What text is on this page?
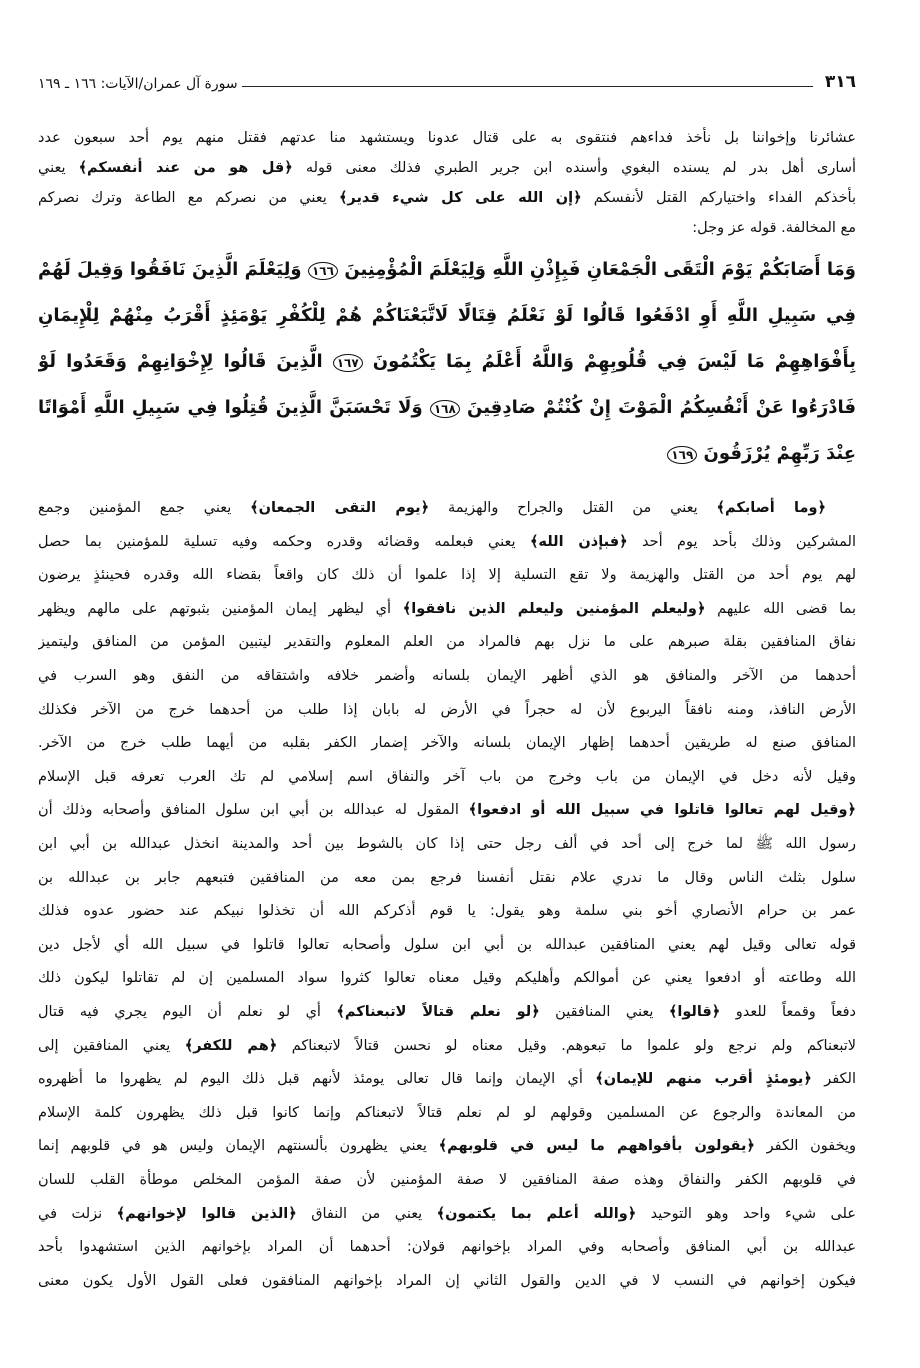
٣١٦
سورة آل عمران/الآيات: ١٦٦ ـ ١٦٩
عشائرنا وإخواننا بل نأخذ فداءهم فنتقوى به على قتال عدونا ويستشهد منا عدتهم فقتل منهم يوم أحد سبعون عدد
أسارى أهل بدر لم يسنده البغوي وأسنده ابن جرير الطبري فذلك معنى قوله ﴿قل هو من عند أنفسكم﴾ يعني
بأخذكم الفداء واختياركم القتل لأنفسكم ﴿إن الله على كل شيء قدير﴾ يعني من نصركم مع الطاعة وترك نصركم
مع المخالفة. قوله عز وجل:
وَمَا أَصَابَكُمْ يَوْمَ الْتَقَى الْجَمْعَانِ فَبِإِذْنِ اللَّهِ وَلِيَعْلَمَ الْمُؤْمِنِينَ ١٦٦ وَلِيَعْلَمَ الَّذِينَ نَافَقُوا وَقِيلَ لَهُمْ
فِي سَبِيلِ اللَّهِ أَوِ ادْفَعُوا قَالُوا لَوْ نَعْلَمُ قِتَالًا لَاتَّبَعْنَاكُمْ هُمْ لِلْكُفْرِ يَوْمَئِذٍ أَقْرَبُ مِنْهُمْ لِلْإِيمَانِ
بِأَفْوَاهِهِمْ مَا لَيْسَ فِي قُلُوبِهِمْ وَاللَّهُ أَعْلَمُ بِمَا يَكْتُمُونَ ١٦٧ الَّذِينَ قَالُوا لِإِخْوَانِهِمْ وَقَعَدُوا لَوْ
فَادْرَءُوا عَنْ أَنْفُسِكُمُ الْمَوْتَ إِنْ كُنْتُمْ صَادِقِينَ ١٦٨ وَلَا تَحْسَبَنَّ الَّذِينَ قُتِلُوا فِي سَبِيلِ اللَّهِ أَمْوَاتًا
عِنْدَ رَبِّهِمْ يُرْزَقُونَ ١٦٩
﴿وما أصابكم﴾ يعني من القتل والجراح والهزيمة ﴿يوم التقى الجمعان﴾ يعني جمع المؤمنين وجمع
المشركين وذلك بأحد يوم أحد ﴿فبإذن الله﴾ يعني فبعلمه وقضائه وقدره وحكمه وفيه تسلية للمؤمنين بما حصل
لهم يوم أحد من القتل والهزيمة ولا تقع التسلية إلا إذا علموا أن ذلك كان واقعاً بقضاء الله وقدره فحينئذٍ يرضون
بما قضى الله عليهم ﴿وليعلم المؤمنين وليعلم الذين نافقوا﴾ أي ليظهر إيمان المؤمنين بثبوتهم على مالهم ويظهر
نفاق المنافقين بقلة صبرهم على ما نزل بهم فالمراد من العلم المعلوم والتقدير ليتبين المؤمن من المنافق وليتميز
أحدهما من الآخر والمنافق هو الذي أظهر الإيمان بلسانه وأضمر خلافه واشتقاقه من النفق وهو السرب في
الأرض النافذ، ومنه نافقاً اليربوع لأن له حجراً في الأرض له بابان إذا طلب من أحدهما خرج من الآخر فكذلك
المنافق صنع له طريقين أحدهما إظهار الإيمان بلسانه والآخر إضمار الكفر بقلبه من أيهما طلب خرج من الآخر.
وقيل لأنه دخل في الإيمان من باب وخرج من باب آخر والنفاق اسم إسلامي لم تك العرب تعرفه قبل الإسلام
﴿وقيل لهم تعالوا قاتلوا في سبيل الله أو ادفعوا﴾ المقول له عبدالله بن أبي ابن سلول المنافق وأصحابه وذلك أن
رسول الله ﷺ لما خرج إلى أحد في ألف رجل حتى إذا كان بالشوط بين أحد والمدينة انخذل عبدالله بن أبي ابن
سلول بثلث الناس وقال ما ندري علام نقتل أنفسنا فرجع بمن معه من المنافقين فتبعهم جابر بن عبدالله بن
عمر بن حرام الأنصاري أخو بني سلمة وهو يقول: يا قوم أذكركم الله أن تخذلوا نبيكم عند حضور عدوه فذلك
قوله تعالى وقيل لهم يعني المنافقين عبدالله بن أبي ابن سلول وأصحابه تعالوا قاتلوا في سبيل الله أي لأجل دين
الله وطاعته أو ادفعوا يعني عن أموالكم وأهليكم وقيل معناه تعالوا كثروا سواد المسلمين إن لم تقاتلوا ليكون ذلك
دفعاً وقمعاً للعدو ﴿قالوا﴾ يعني المنافقين ﴿لو نعلم قتالاً لاتبعناكم﴾ أي لو نعلم أن اليوم يجري فيه قتال
لاتبعناكم ولم نرجع ولو علموا ما تبعوهم. وقيل معناه لو نحسن قتالاً لاتبعناكم ﴿هم للكفر﴾ يعني المنافقين إلى
الكفر ﴿يومئذٍ أقرب منهم للإيمان﴾ أي الإيمان وإنما قال تعالى يومئذ لأنهم قبل ذلك اليوم لم يظهروا ما أظهروه
من المعاندة والرجوع عن المسلمين وقولهم لو لم نعلم قتالاً لاتبعناكم وإنما كانوا قبل ذلك يظهرون كلمة الإسلام
ويخفون الكفر ﴿يقولون بأفواههم ما ليس في قلوبهم﴾ يعني يظهرون بألسنتهم الإيمان وليس هو في قلوبهم إنما
في قلوبهم الكفر والنفاق وهذه صفة المنافقين لا صفة المؤمنين لأن صفة المؤمن المخلص موطأة القلب للسان
على شيء واحد وهو التوحيد ﴿والله أعلم بما يكتمون﴾ يعني من النفاق ﴿الذين قالوا لإخوانهم﴾ نزلت في
عبدالله بن أبي المنافق وأصحابه وفي المراد بإخوانهم قولان: أحدهما أن المراد بإخوانهم الذين استشهدوا بأحد
فيكون إخوانهم في النسب لا في الدين والقول الثاني إن المراد بإخوانهم المنافقون فعلى القول الأول يكون معنى
